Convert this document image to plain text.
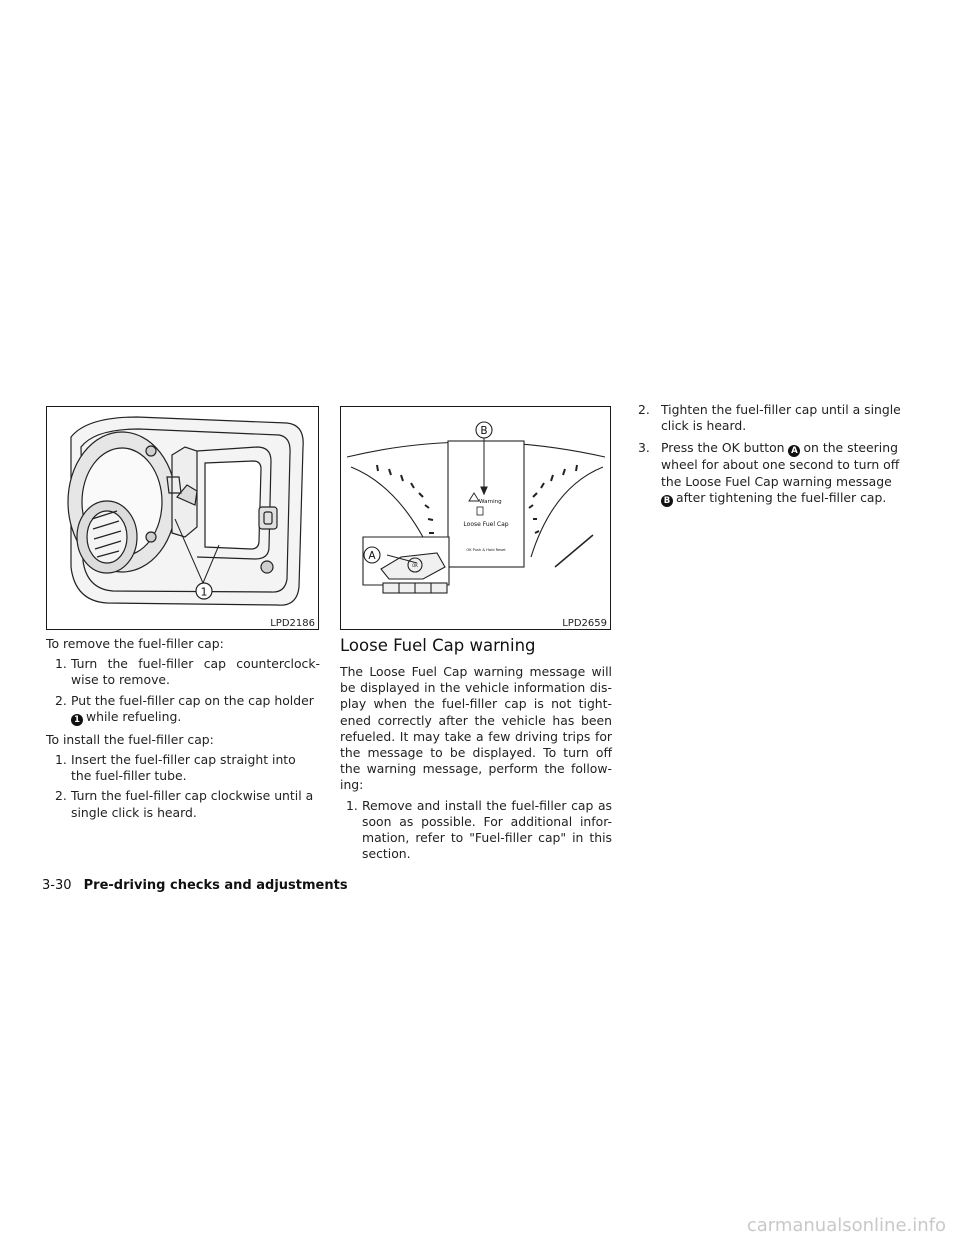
1
LPD2186
B
A
Warning
Loose Fuel Cap
OK Push & Hold Reset
OK
LPD2659

To remove the fuel-filler cap:

1. Turn the fuel-filler cap counterclock-wise to remove.
2. Put the fuel-filler cap on the cap holder 1 while refueling.

To install the fuel-filler cap:

1. Insert the fuel-filler cap straight into the fuel-filler tube.
2. Turn the fuel-filler cap clockwise until a single click is heard.
Loose Fuel Cap warning

The Loose Fuel Cap warning message will be displayed in the vehicle information dis-play when the fuel-filler cap is not tight-ened correctly after the vehicle has been refueled. It may take a few driving trips for the message to be displayed. To turn off the warning message, perform the follow-ing:

1. Remove and install the fuel-filler cap as soon as possible. For additional infor-mation, refer to "Fuel-filler cap" in this section.
2. Tighten the fuel-filler cap until a single click is heard.
3. Press the OK button A on the steering wheel for about one second to turn off the Loose Fuel Cap warning message B after tightening the fuel-filler cap.
3-30 Pre-driving checks and adjustments
carmanualsonline.info
